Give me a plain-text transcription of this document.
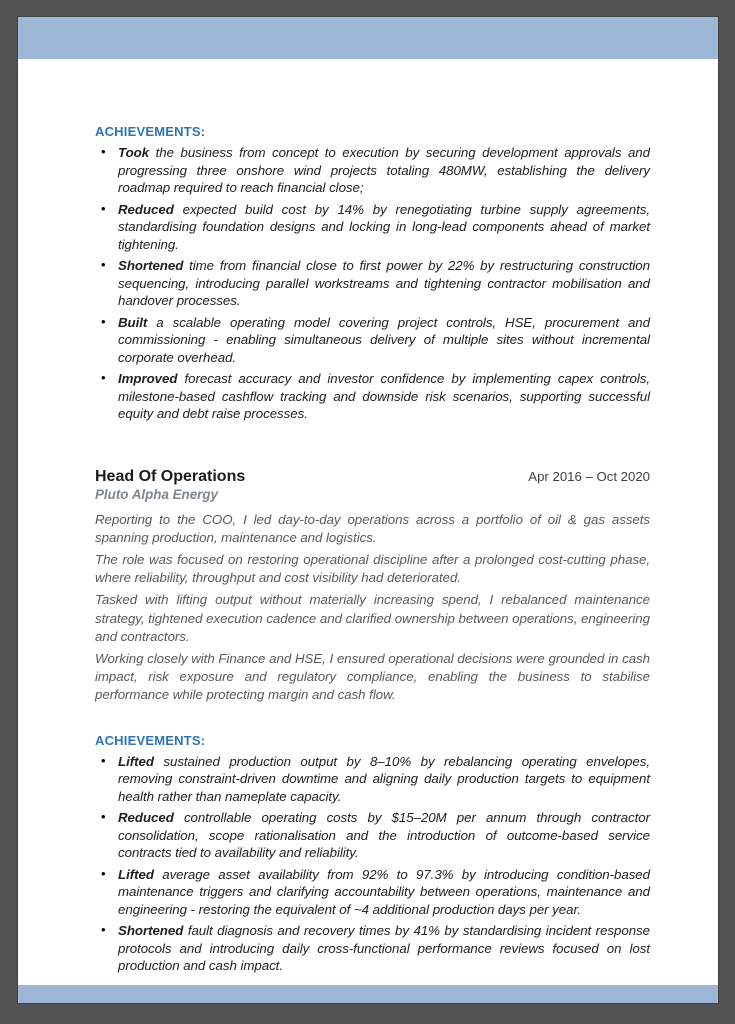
ACHIEVEMENTS:
• Took the business from concept to execution by securing development approvals and progressing three onshore wind projects totaling 480MW, establishing the delivery roadmap required to reach financial close;
• Reduced expected build cost by 14% by renegotiating turbine supply agreements, standardising foundation designs and locking in long-lead components ahead of market tightening.
• Shortened time from financial close to first power by 22% by restructuring construction sequencing, introducing parallel workstreams and tightening contractor mobilisation and handover processes.
• Built a scalable operating model covering project controls, HSE, procurement and commissioning - enabling simultaneous delivery of multiple sites without incremental corporate overhead.
• Improved forecast accuracy and investor confidence by implementing capex controls, milestone-based cashflow tracking and downside risk scenarios, supporting successful equity and debt raise processes.
Head Of Operations	Apr 2016 – Oct 2020
Pluto Alpha Energy

Reporting to the COO, I led day-to-day operations across a portfolio of oil & gas assets spanning production, maintenance and logistics.

The role was focused on restoring operational discipline after a prolonged cost-cutting phase, where reliability, throughput and cost visibility had deteriorated.

Tasked with lifting output without materially increasing spend, I rebalanced maintenance strategy, tightened execution cadence and clarified ownership between operations, engineering and contractors.

Working closely with Finance and HSE, I ensured operational decisions were grounded in cash impact, risk exposure and regulatory compliance, enabling the business to stabilise performance while protecting margin and cash flow.

ACHIEVEMENTS:
• Lifted sustained production output by 8–10% by rebalancing operating envelopes, removing constraint-driven downtime and aligning daily production targets to equipment health rather than nameplate capacity.
• Reduced controllable operating costs by $15–20M per annum through contractor consolidation, scope rationalisation and the introduction of outcome-based service contracts tied to availability and reliability.
• Lifted average asset availability from 92% to 97.3% by introducing condition-based maintenance triggers and clarifying accountability between operations, maintenance and engineering - restoring the equivalent of ~4 additional production days per year.
• Shortened fault diagnosis and recovery times by 41% by standardising incident response protocols and introducing daily cross-functional performance reviews focused on lost production and cash impact.
